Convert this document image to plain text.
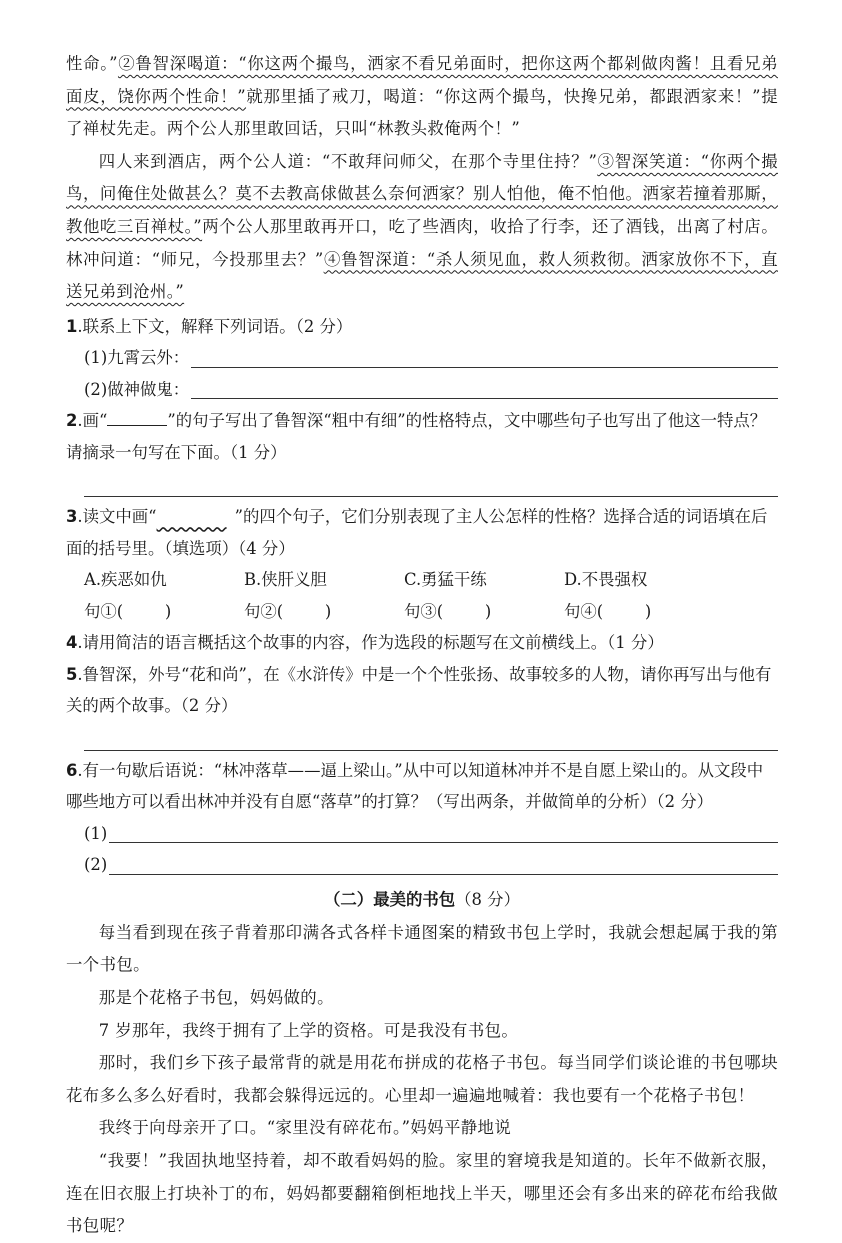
性命。”②鲁智深喝道：“你这两个撮鸟，洒家不看兄弟面时，把你这两个都剁做肉酱！且看兄弟面皮，饶你两个性命！”就那里插了戒刀，喝道：“你这两个撮鸟，快搀兄弟，都跟洒家来！”提了禅杖先走。两个公人那里敢回话，只叫“林教头救俺两个！”

四人来到酒店，两个公人道：“不敢拜问师父，在那个寺里住持？”③智深笑道：“你两个撮鸟，问俺住处做甚么？莫不去教高俅做甚么奈何洒家？别人怕他，俺不怕他。洒家若撞着那厮，教他吃三百禅杖。”两个公人那里敢再开口，吃了些酒肉，收拾了行李，还了酒钱，出离了村店。林冲问道：“师兄，今投那里去？”④鲁智深道：“杀人须见血，救人须救彻。洒家放你不下，直送兄弟到沧州。”

1.联系上下文，解释下列词语。（2 分）

(1)九霄云外：
(2)做神做鬼：

2.画“	”的句子写出了鲁智深“粗中有细”的性格特点，文中哪些句子也写出了他这一特点？请摘录一句写在下面。（1 分）

3.读文中画“	”的四个句子，它们分别表现了主人公怎样的性格？选择合适的词语填在后面的括号里。（填选项）（4 分）

A.疾恶如仇	B.侠肝义胆	C.勇猛干练	D.不畏强权
句①(        )	句②(        )	句③(        )	句④(        )

4.请用简洁的语言概括这个故事的内容，作为选段的标题写在文前横线上。（1 分）

5.鲁智深，外号“花和尚”，在《水浒传》中是一个个性张扬、故事较多的人物，请你再写出与他有关的两个故事。（2 分）

6.有一句歇后语说：“林冲落草——逼上梁山。”从中可以知道林冲并不是自愿上梁山的。从文段中哪些地方可以看出林冲并没有自愿“落草”的打算？（写出两条，并做简单的分析）（2 分）

(1)
(2)

（二）最美的书包（8 分）

每当看到现在孩子背着那印满各式各样卡通图案的精致书包上学时，我就会想起属于我的第一个书包。

那是个花格子书包，妈妈做的。

7 岁那年，我终于拥有了上学的资格。可是我没有书包。

那时，我们乡下孩子最常背的就是用花布拼成的花格子书包。每当同学们谈论谁的书包哪块花布多么多么好看时，我都会躲得远远的。心里却一遍遍地喊着：我也要有一个花格子书包！

我终于向母亲开了口。“家里没有碎花布。”妈妈平静地说

“我要！”我固执地坚持着，却不敢看妈妈的脸。家里的窘境我是知道的。长年不做新衣服，连在旧衣服上打块补丁的布，妈妈都要翻箱倒柜地找上半天，哪里还会有多出来的碎花布给我做书包呢？
